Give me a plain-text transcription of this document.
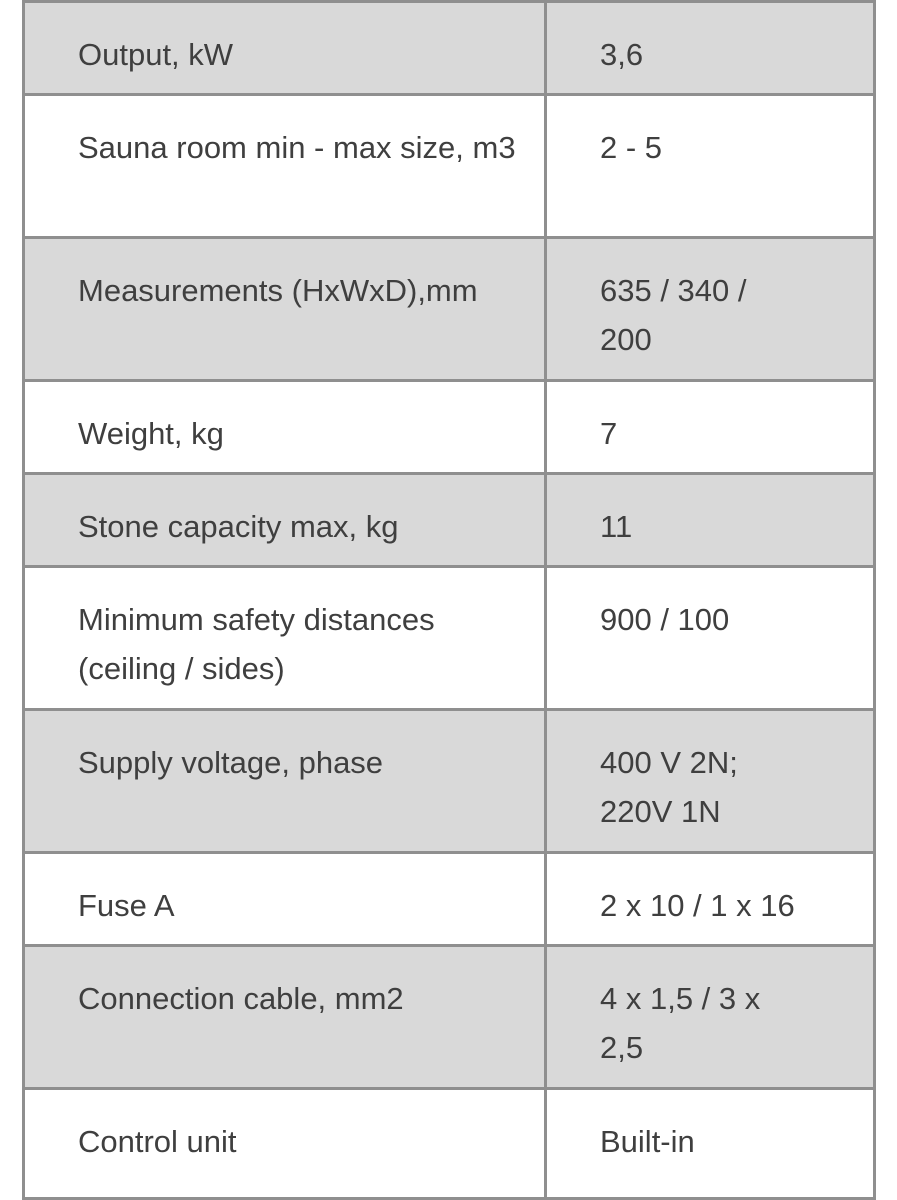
Output, kW	3,6

Sauna room min - max size, m3	2 - 5

Measurements (HxWxD),mm	635 / 340 / 200

Weight, kg	7

Stone capacity max, kg	11

Minimum safety distances (ceiling / sides)	900 / 100

Supply voltage, phase	400 V 2N; 220V 1N

Fuse A	2 x 10 / 1 x 16

Connection cable, mm2	4 x 1,5 / 3 x 2,5

Control unit	Built-in
